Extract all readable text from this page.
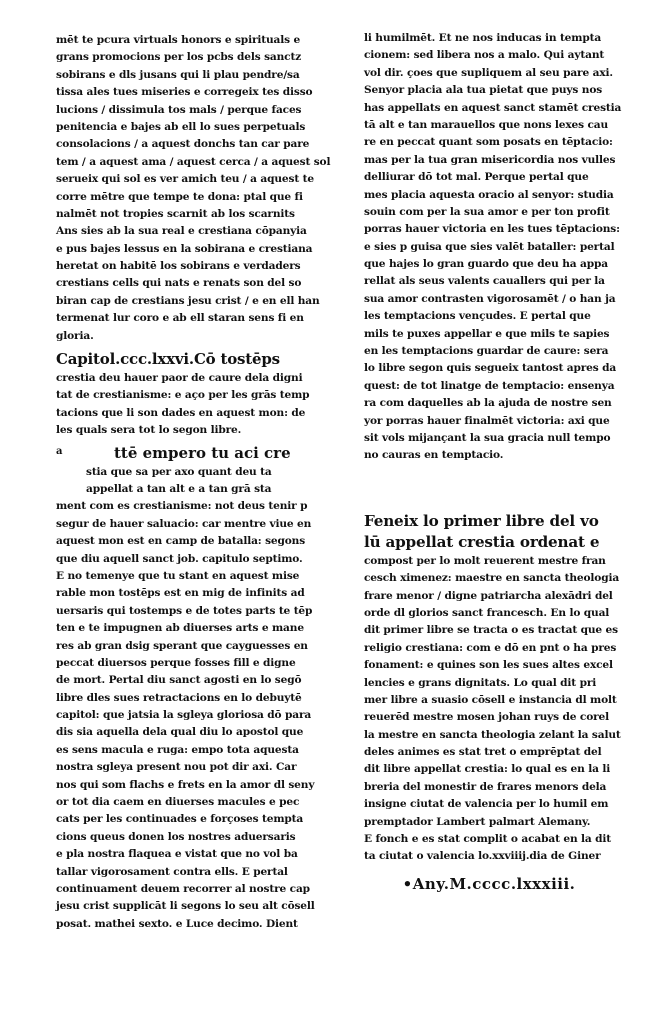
mēt te pcura virtuals honors e spirituals e
grans promocions per los pcbs dels sanctz
sobirans e dls jusans qui li plau pendre/sa
tissa ales tues miseries e corregeix tes disso
lucions / dissimula tos mals / perque faces
penitencia e bajes ab ell lo sues perpetuals
consolacions / a aquest donchs tan car pare
tem / a aquest ama / aquest cerca / a aquest sol
serueix qui sol es ver amich teu / a aquest te
corre mētre que tempe te dona: ptal que fi
nalmēt not tropies scarnit ab los scarnits
Ans sies ab la sua real e crestiana cōpanyia
e pus bajes lessus en la sobirana e crestiana
heretat on habitē los sobirans e verdaders
crestians cells qui nats e renats son del so
biran cap de crestians jesu crist / e en ell han
termenat lur coro e ab ell staran sens fi en
gloria.
Capitol.ccc.lxxvi.Cō tostēps
crestia deu hauer paor de caure dela digni
tat de crestianisme: e aço per les grās temp
tacions que li son dades en aquest mon: de
les quals sera tot lo segon libre.
a	ttē empero tu aci cre
stia que sa per axo quant deu ta
appellat a tan alt e a tan grā sta
ment com es crestianisme: not deus tenir p
segur de hauer saluacio: car mentre viue en
aquest mon est en camp de batalla: segons
que diu aquell sanct job. capitulo septimo.
E no temenye que tu stant en aquest mise
rable mon tostēps est en mig de infinits ad
uersaris qui tostemps e de totes parts te tēp
ten e te impugnen ab diuerses arts e mane
res ab gran dsig sperant que cayguesses en
peccat diuersos perque fosses fill e digne
de mort. Pertal diu sanct agosti en lo segō
libre dles sues retractacions en lo debuytē
capitol: que jatsia la sgleya gloriosa dō para
dis sia aquella dela qual diu lo apostol que
es sens macula e ruga: empo tota aquesta
nostra sgleya present nou pot dir axi. Car
nos qui som flachs e frets en la amor dl seny
or tot dia caem en diuerses macules e pec
cats per les continuades e forçoses tempta
cions queus donen los nostres aduersaris
e pla nostra flaquea e vistat que no vol ba
tallar vigorosament contra ells. E pertal
continuament deuem recorrer al nostre cap
jesu crist supplicāt li segons lo seu alt cōsell
posat. mathei sexto. e Luce decimo. Dient
li humilmēt. Et ne nos inducas in tempta
cionem: sed libera nos a malo. Qui aytant
vol dir. çoes que supliquem al seu pare axi.
Senyor placia ala tua pietat que puys nos
has appellats en aquest sanct stamēt crestia
tā alt e tan marauellos que nons lexes cau
re en peccat quant som posats en tēptacio:
mas per la tua gran misericordia nos vulles
delliurar dō tot mal. Perque pertal que
mes placia aquesta oracio al senyor: studia
souin com per la sua amor e per ton profit
porras hauer victoria en les tues tēptacions:
e sies p guisa que sies valēt bataller: pertal
que hajes lo gran guardo que deu ha appa
rellat als seus valents cauallers qui per la
sua amor contrasten vigorosamēt / o han ja
les temptacions vençudes. E pertal que
mils te puxes appellar e que mils te sapies
en les temptacions guardar de caure: sera
lo libre segon quis segueix tantost apres da
quest: de tot linatge de temptacio: ensenya
ra com daquelles ab la ajuda de nostre sen
yor porras hauer finalmēt victoria: axi que
sit vols mijançant la sua gracia null tempo
no cauras en temptacio.
Feneix lo primer libre del vo
lū appellat crestia ordenat e
compost per lo molt reuerent mestre fran
cesch ximenez: maestre en sancta theologia
frare menor / digne patriarcha alexādri del
orde dl glorios sanct francesch. En lo qual
dit primer libre se tracta o es tractat que es
religio crestiana: com e dō en pnt o ha pres
fonament: e quines son les sues altes excel
lencies e grans dignitats. Lo qual dit pri
mer libre a suasio cōsell e instancia dl molt
reuerēd mestre mosen johan ruys de corel
la mestre en sancta theologia zelant la salut
deles animes es stat tret o emprēptat del
dit libre appellat crestia: lo qual es en la li
breria del monestir de frares menors dela
insigne ciutat de valencia per lo humil em
premptador Lambert palmart Alemany.
E fonch e es stat complit o acabat en la dit
ta ciutat o valencia lo.xxviiij.dia de Giner
•Any.M.cccc.lxxxiii.
